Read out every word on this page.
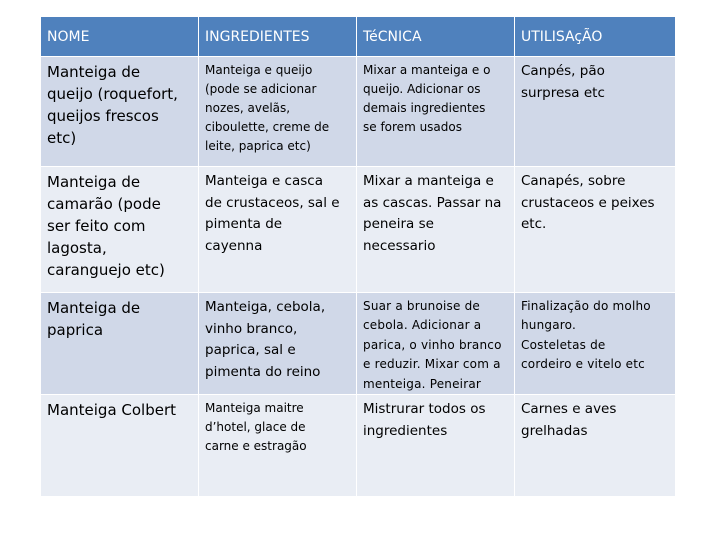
NOME	INGREDIENTES	TéCNICA	UTILISAçÃO

Manteiga de
queijo (roquefort,
queijos frescos
etc)	Manteiga e queijo
(pode se adicionar
nozes, avelãs,
ciboulette, creme de
leite, paprica etc)	Mixar a manteiga e o
queijo. Adicionar os
demais ingredientes
se forem usados	Canpés, pão
surpresa etc

Manteiga de
camarão (pode
ser feito com
lagosta,
caranguejo etc)	Manteiga e casca
de crustaceos, sal e
pimenta de
cayenna	Mixar a manteiga e
as cascas. Passar na
peneira se
necessario	Canapés, sobre
crustaceos e peixes
etc.

Manteiga de
paprica	Manteiga, cebola,
vinho branco,
paprica, sal e
pimenta do reino	Suar a brunoise de
cebola. Adicionar a
parica, o vinho branco
e reduzir. Mixar com a
menteiga. Peneirar	Finalização do molho
hungaro.
Costeletas de
cordeiro e vitelo etc

Manteiga Colbert	Manteiga maitre
d’hotel, glace de
carne e estragão	Mistrurar todos os
ingredientes	Carnes e aves
grelhadas
